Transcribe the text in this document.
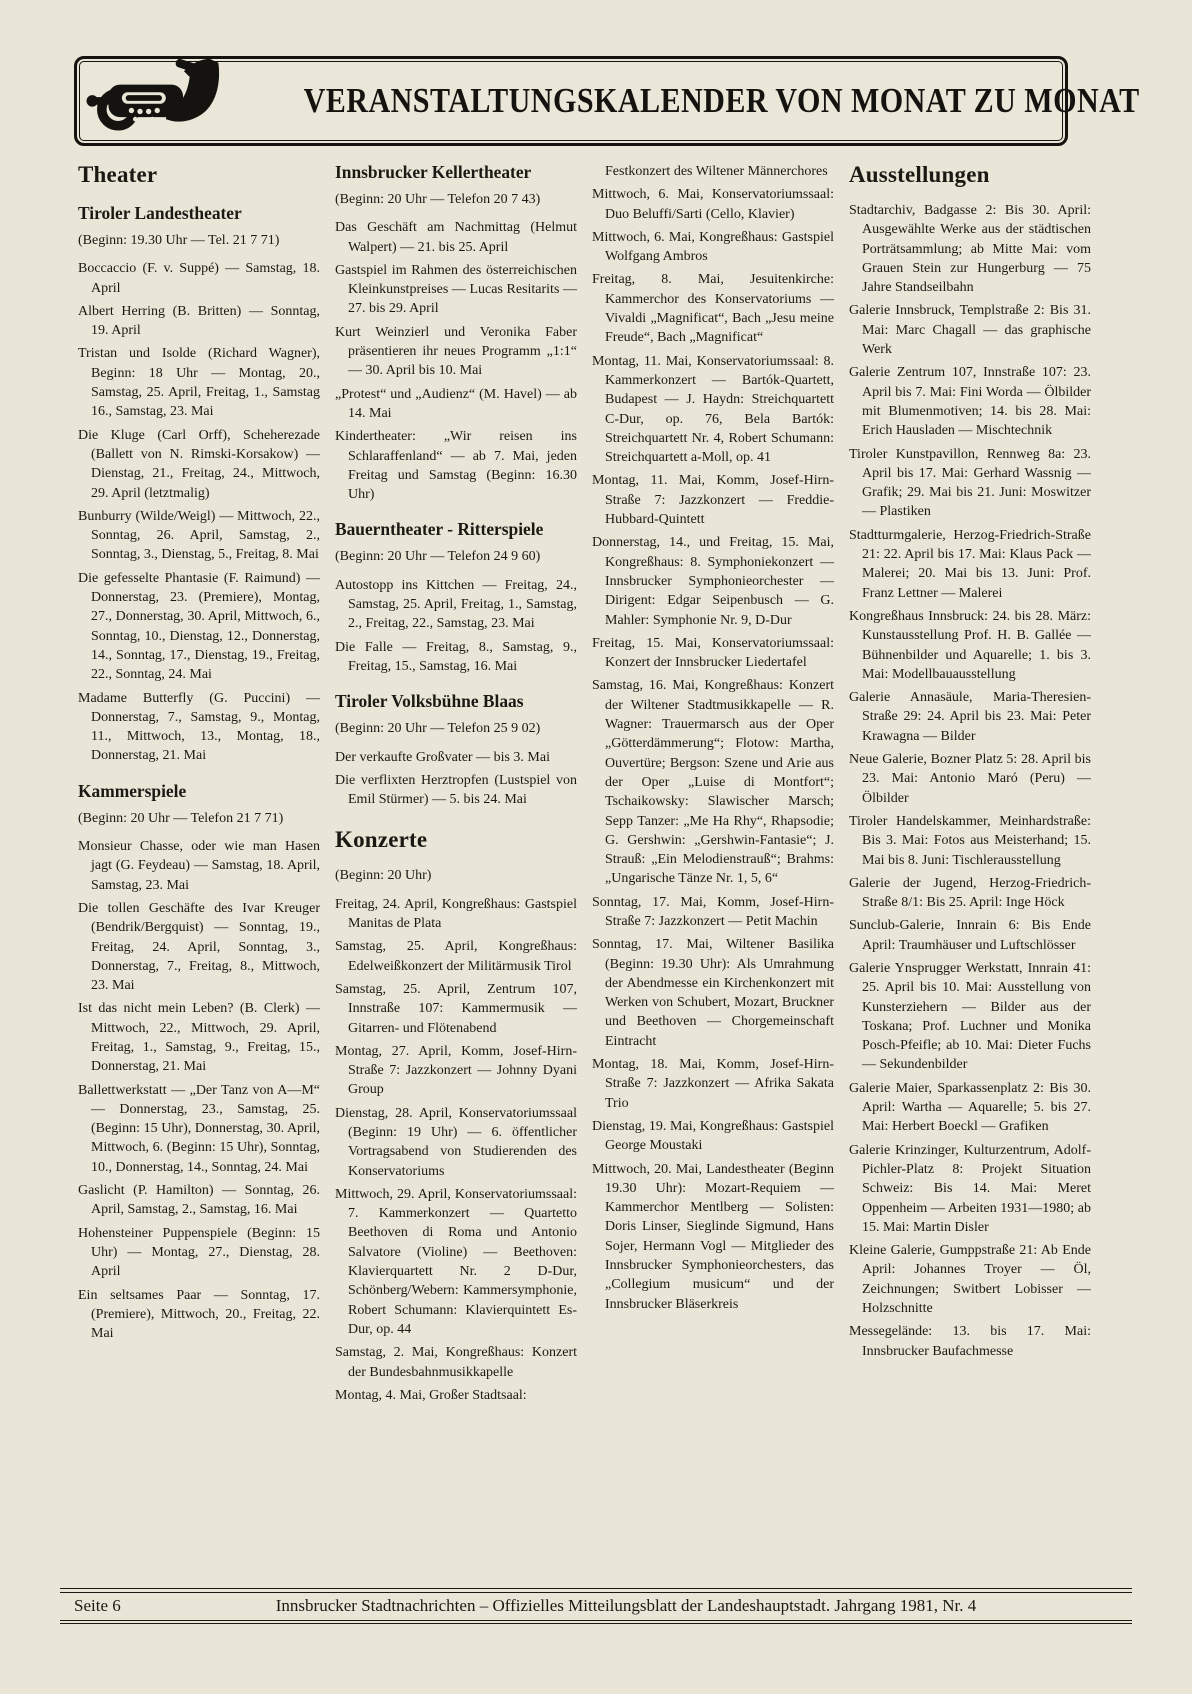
VERANSTALTUNGSKALENDER VON MONAT ZU MONAT
Theater
Tiroler Landestheater
(Beginn: 19.30 Uhr — Tel. 21 7 71)

Boccaccio (F. v. Suppé) — Samstag, 18. April

Albert Herring (B. Britten) — Sonntag, 19. April

Tristan und Isolde (Richard Wagner), Beginn: 18 Uhr — Montag, 20., Samstag, 25. April, Freitag, 1., Samstag 16., Samstag, 23. Mai

Die Kluge (Carl Orff), Scheherezade (Ballett von N. Rimski-Korsakow) — Dienstag, 21., Freitag, 24., Mittwoch, 29. April (letztmalig)

Bunburry (Wilde/Weigl) — Mittwoch, 22., Sonntag, 26. April, Samstag, 2., Sonntag, 3., Dienstag, 5., Freitag, 8. Mai

Die gefesselte Phantasie (F. Raimund) — Donnerstag, 23. (Premiere), Montag, 27., Donnerstag, 30. April, Mittwoch, 6., Sonntag, 10., Dienstag, 12., Donnerstag, 14., Sonntag, 17., Dienstag, 19., Freitag, 22., Sonntag, 24. Mai

Madame Butterfly (G. Puccini) — Donnerstag, 7., Samstag, 9., Montag, 11., Mittwoch, 13., Montag, 18., Donnerstag, 21. Mai

Kammerspiele
(Beginn: 20 Uhr — Telefon 21 7 71)

Monsieur Chasse, oder wie man Hasen jagt (G. Feydeau) — Samstag, 18. April, Samstag, 23. Mai

Die tollen Geschäfte des Ivar Kreuger (Bendrik/Bergquist) — Sonntag, 19., Freitag, 24. April, Sonntag, 3., Donnerstag, 7., Freitag, 8., Mittwoch, 23. Mai

Ist das nicht mein Leben? (B. Clerk) — Mittwoch, 22., Mittwoch, 29. April, Freitag, 1., Samstag, 9., Freitag, 15., Donnerstag, 21. Mai

Ballettwerkstatt — „Der Tanz von A—M“ — Donnerstag, 23., Samstag, 25. (Beginn: 15 Uhr), Donnerstag, 30. April, Mittwoch, 6. (Beginn: 15 Uhr), Sonntag, 10., Donnerstag, 14., Sonntag, 24. Mai

Gaslicht (P. Hamilton) — Sonntag, 26. April, Samstag, 2., Samstag, 16. Mai

Hohensteiner Puppenspiele (Beginn: 15 Uhr) — Montag, 27., Dienstag, 28. April

Ein seltsames Paar — Sonntag, 17. (Premiere), Mittwoch, 20., Freitag, 22. Mai

Innsbrucker Kellertheater
(Beginn: 20 Uhr — Telefon 20 7 43)

Das Geschäft am Nachmittag (Helmut Walpert) — 21. bis 25. April

Gastspiel im Rahmen des österreichischen Kleinkunstpreises — Lucas Resitarits — 27. bis 29. April

Kurt Weinzierl und Veronika Faber präsentieren ihr neues Programm „1:1“ — 30. April bis 10. Mai

„Protest“ und „Audienz“ (M. Havel) — ab 14. Mai

Kindertheater: „Wir reisen ins Schlaraffenland“ — ab 7. Mai, jeden Freitag und Samstag (Beginn: 16.30 Uhr)

Bauerntheater - Ritterspiele
(Beginn: 20 Uhr — Telefon 24 9 60)

Autostopp ins Kittchen — Freitag, 24., Samstag, 25. April, Freitag, 1., Samstag, 2., Freitag, 22., Samstag, 23. Mai

Die Falle — Freitag, 8., Samstag, 9., Freitag, 15., Samstag, 16. Mai

Tiroler Volksbühne Blaas
(Beginn: 20 Uhr — Telefon 25 9 02)

Der verkaufte Großvater — bis 3. Mai

Die verflixten Herztropfen (Lustspiel von Emil Stürmer) — 5. bis 24. Mai

Konzerte
(Beginn: 20 Uhr)

Freitag, 24. April, Kongreßhaus: Gastspiel Manitas de Plata

Samstag, 25. April, Kongreßhaus: Edelweißkonzert der Militärmusik Tirol

Samstag, 25. April, Zentrum 107, Innstraße 107: Kammermusik — Gitarren- und Flötenabend

Montag, 27. April, Komm, Josef-Hirn-Straße 7: Jazzkonzert — Johnny Dyani Group

Dienstag, 28. April, Konservatoriumssaal (Beginn: 19 Uhr) — 6. öffentlicher Vortragsabend von Studierenden des Konservatoriums

Mittwoch, 29. April, Konservatoriumssaal: 7. Kammerkonzert — Quartetto Beethoven di Roma und Antonio Salvatore (Violine) — Beethoven: Klavierquartett Nr. 2 D-Dur, Schönberg/Webern: Kammersymphonie, Robert Schumann: Klavierquintett Es-Dur, op. 44

Samstag, 2. Mai, Kongreßhaus: Konzert der Bundesbahnmusikkapelle

Montag, 4. Mai, Großer Stadtsaal:

Festkonzert des Wiltener Männerchores

Mittwoch, 6. Mai, Konservatoriumssaal: Duo Beluffi/Sarti (Cello, Klavier)

Mittwoch, 6. Mai, Kongreßhaus: Gastspiel Wolfgang Ambros

Freitag, 8. Mai, Jesuitenkirche: Kammerchor des Konservatoriums — Vivaldi „Magnificat“, Bach „Jesu meine Freude“, Bach „Magnificat“

Montag, 11. Mai, Konservatoriumssaal: 8. Kammerkonzert — Bartók-Quartett, Budapest — J. Haydn: Streichquartett C-Dur, op. 76, Bela Bartók: Streichquartett Nr. 4, Robert Schumann: Streichquartett a-Moll, op. 41

Montag, 11. Mai, Komm, Josef-Hirn-Straße 7: Jazzkonzert — Freddie-Hubbard-Quintett

Donnerstag, 14., und Freitag, 15. Mai, Kongreßhaus: 8. Symphoniekonzert — Innsbrucker Symphonieorchester — Dirigent: Edgar Seipenbusch — G. Mahler: Symphonie Nr. 9, D-Dur

Freitag, 15. Mai, Konservatoriumssaal: Konzert der Innsbrucker Liedertafel

Samstag, 16. Mai, Kongreßhaus: Konzert der Wiltener Stadtmusikkapelle — R. Wagner: Trauermarsch aus der Oper „Götterdämmerung“; Flotow: Martha, Ouvertüre; Bergson: Szene und Arie aus der Oper „Luise di Montfort“; Tschaikowsky: Slawischer Marsch; Sepp Tanzer: „Me Ha Rhy“, Rhapsodie; G. Gershwin: „Gershwin-Fantasie“; J. Strauß: „Ein Melodienstrauß“; Brahms: „Ungarische Tänze Nr. 1, 5, 6“

Sonntag, 17. Mai, Komm, Josef-Hirn-Straße 7: Jazzkonzert — Petit Machin

Sonntag, 17. Mai, Wiltener Basilika (Beginn: 19.30 Uhr): Als Umrahmung der Abendmesse ein Kirchenkonzert mit Werken von Schubert, Mozart, Bruckner und Beethoven — Chorgemeinschaft Eintracht

Montag, 18. Mai, Komm, Josef-Hirn-Straße 7: Jazzkonzert — Afrika Sakata Trio

Dienstag, 19. Mai, Kongreßhaus: Gastspiel George Moustaki

Mittwoch, 20. Mai, Landestheater (Beginn 19.30 Uhr): Mozart-Requiem — Kammerchor Mentlberg — Solisten: Doris Linser, Sieglinde Sigmund, Hans Sojer, Hermann Vogl — Mitglieder des Innsbrucker Symphonieorchesters, das „Collegium musicum“ und der Innsbrucker Bläserkreis

Ausstellungen

Stadtarchiv, Badgasse 2: Bis 30. April: Ausgewählte Werke aus der städtischen Porträtsammlung; ab Mitte Mai: vom Grauen Stein zur Hungerburg — 75 Jahre Standseilbahn

Galerie Innsbruck, Templstraße 2: Bis 31. Mai: Marc Chagall — das graphische Werk

Galerie Zentrum 107, Innstraße 107: 23. April bis 7. Mai: Fini Worda — Ölbilder mit Blumenmotiven; 14. bis 28. Mai: Erich Hausladen — Mischtechnik

Tiroler Kunstpavillon, Rennweg 8a: 23. April bis 17. Mai: Gerhard Wassnig — Grafik; 29. Mai bis 21. Juni: Moswitzer — Plastiken

Stadtturmgalerie, Herzog-Friedrich-Straße 21: 22. April bis 17. Mai: Klaus Pack — Malerei; 20. Mai bis 13. Juni: Prof. Franz Lettner — Malerei

Kongreßhaus Innsbruck: 24. bis 28. März: Kunstausstellung Prof. H. B. Gallée — Bühnenbilder und Aquarelle; 1. bis 3. Mai: Modellbauausstellung

Galerie Annasäule, Maria-Theresien-Straße 29: 24. April bis 23. Mai: Peter Krawagna — Bilder

Neue Galerie, Bozner Platz 5: 28. April bis 23. Mai: Antonio Maró (Peru) — Ölbilder

Tiroler Handelskammer, Meinhardstraße: Bis 3. Mai: Fotos aus Meisterhand; 15. Mai bis 8. Juni: Tischlerausstellung

Galerie der Jugend, Herzog-Friedrich-Straße 8/1: Bis 25. April: Inge Höck

Sunclub-Galerie, Innrain 6: Bis Ende April: Traumhäuser und Luftschlösser

Galerie Ynsprugger Werkstatt, Innrain 41: 25. April bis 10. Mai: Ausstellung von Kunsterziehern — Bilder aus der Toskana; Prof. Luchner und Monika Posch-Pfeifle; ab 10. Mai: Dieter Fuchs — Sekundenbilder

Galerie Maier, Sparkassenplatz 2: Bis 30. April: Wartha — Aquarelle; 5. bis 27. Mai: Herbert Boeckl — Grafiken

Galerie Krinzinger, Kulturzentrum, Adolf-Pichler-Platz 8: Projekt Situation Schweiz: Bis 14. Mai: Meret Oppenheim — Arbeiten 1931—1980; ab 15. Mai: Martin Disler

Kleine Galerie, Gumppstraße 21: Ab Ende April: Johannes Troyer — Öl, Zeichnungen; Switbert Lobisser — Holzschnitte

Messegelände: 13. bis 17. Mai: Innsbrucker Baufachmesse

Seite 6	Innsbrucker Stadtnachrichten – Offizielles Mitteilungsblatt der Landeshauptstadt. Jahrgang 1981, Nr. 4
